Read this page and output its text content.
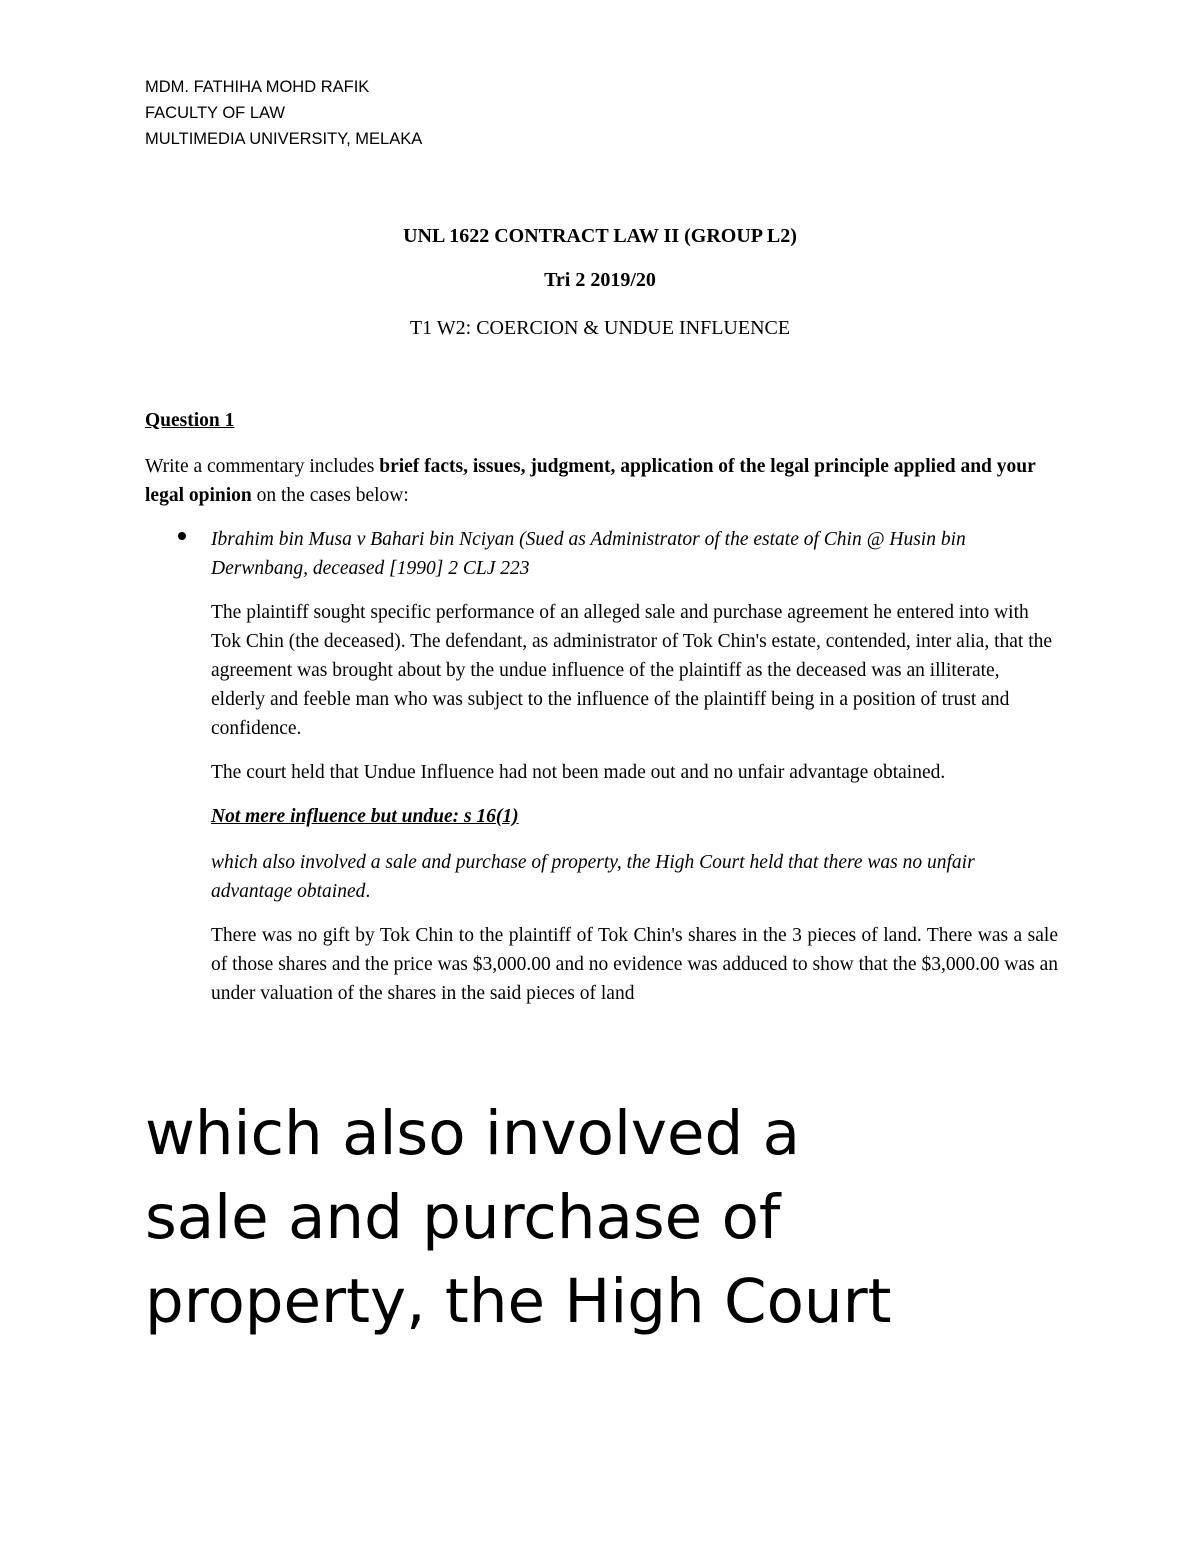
MDM. FATHIHA MOHD RAFIK
FACULTY OF LAW
MULTIMEDIA UNIVERSITY, MELAKA
UNL 1622 CONTRACT LAW II (GROUP L2)
Tri 2 2019/20
T1 W2: COERCION & UNDUE INFLUENCE
Question 1
Write a commentary includes brief facts, issues, judgment, application of the legal principle applied and your legal opinion on the cases below:
Ibrahim bin Musa v Bahari bin Nciyan (Sued as Administrator of the estate of Chin @ Husin bin Derwnbang, deceased [1990] 2 CLJ 223
The plaintiff sought specific performance of an alleged sale and purchase agreement he entered into with Tok Chin (the deceased). The defendant, as administrator of Tok Chin's estate, contended, inter alia, that the agreement was brought about by the undue influence of the plaintiff as the deceased was an illiterate, elderly and feeble man who was subject to the influence of the plaintiff being in a position of trust and confidence.
The court held that Undue Influence had not been made out and no unfair advantage obtained.
Not mere influence but undue: s 16(1)
which also involved a sale and purchase of property, the High Court held that there was no unfair advantage obtained.
There was no gift by Tok Chin to the plaintiff of Tok Chin's shares in the 3 pieces of land. There was a sale of those shares and the price was $3,000.00 and no evidence was adduced to show that the $3,000.00 was an under valuation of the shares in the said pieces of land
which also involved a
sale and purchase of
property, the High Court
